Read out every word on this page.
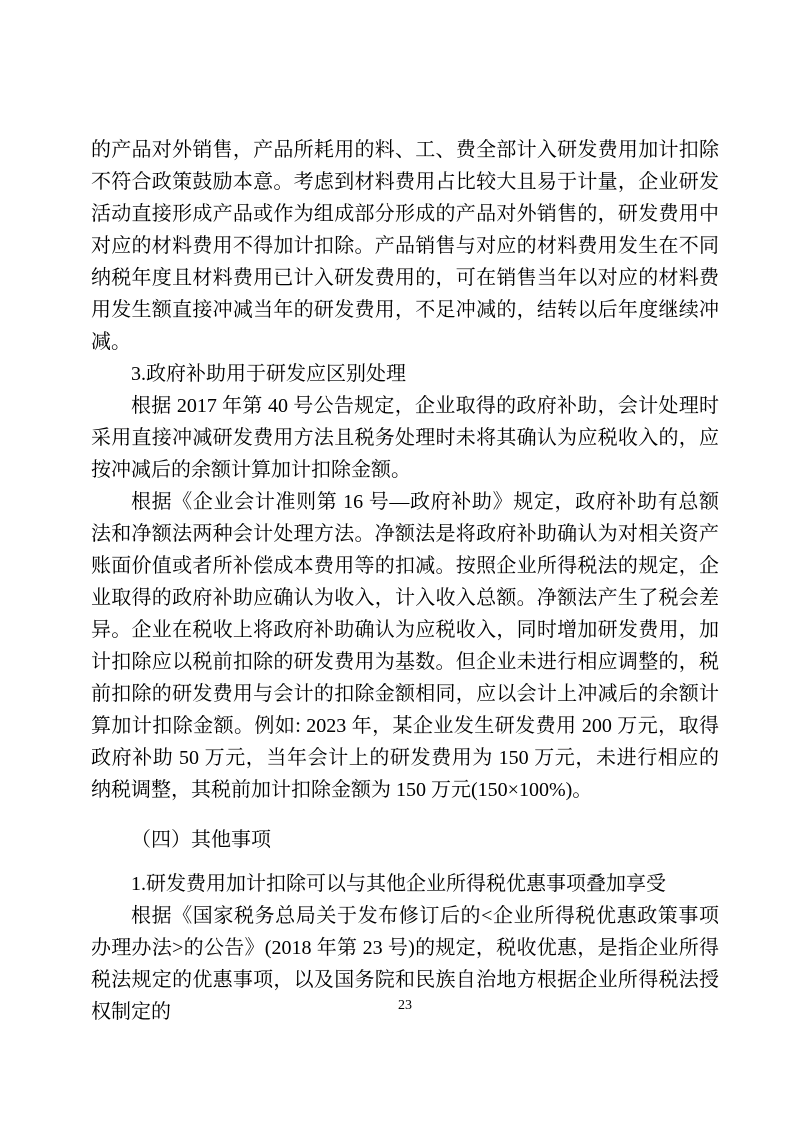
的产品对外销售，产品所耗用的料、工、费全部计入研发费用加计扣除不符合政策鼓励本意。考虑到材料费用占比较大且易于计量，企业研发活动直接形成产品或作为组成部分形成的产品对外销售的，研发费用中对应的材料费用不得加计扣除。产品销售与对应的材料费用发生在不同纳税年度且材料费用已计入研发费用的，可在销售当年以对应的材料费用发生额直接冲减当年的研发费用，不足冲减的，结转以后年度继续冲减。

3.政府补助用于研发应区别处理

根据 2017 年第 40 号公告规定，企业取得的政府补助，会计处理时采用直接冲减研发费用方法且税务处理时未将其确认为应税收入的，应按冲减后的余额计算加计扣除金额。

根据《企业会计准则第 16 号—政府补助》规定，政府补助有总额法和净额法两种会计处理方法。净额法是将政府补助确认为对相关资产账面价值或者所补偿成本费用等的扣减。按照企业所得税法的规定，企业取得的政府补助应确认为收入，计入收入总额。净额法产生了税会差异。企业在税收上将政府补助确认为应税收入，同时增加研发费用，加计扣除应以税前扣除的研发费用为基数。但企业未进行相应调整的，税前扣除的研发费用与会计的扣除金额相同，应以会计上冲减后的余额计算加计扣除金额。例如: 2023 年，某企业发生研发费用 200 万元，取得政府补助 50 万元，当年会计上的研发费用为 150 万元，未进行相应的纳税调整，其税前加计扣除金额为 150 万元(150×100%)。

（四）其他事项
1.研发费用加计扣除可以与其他企业所得税优惠事项叠加享受

根据《国家税务总局关于发布修订后的<企业所得税优惠政策事项办理办法>的公告》(2018 年第 23 号)的规定，税收优惠，是指企业所得税法规定的优惠事项，以及国务院和民族自治地方根据企业所得税法授权制定的	23
